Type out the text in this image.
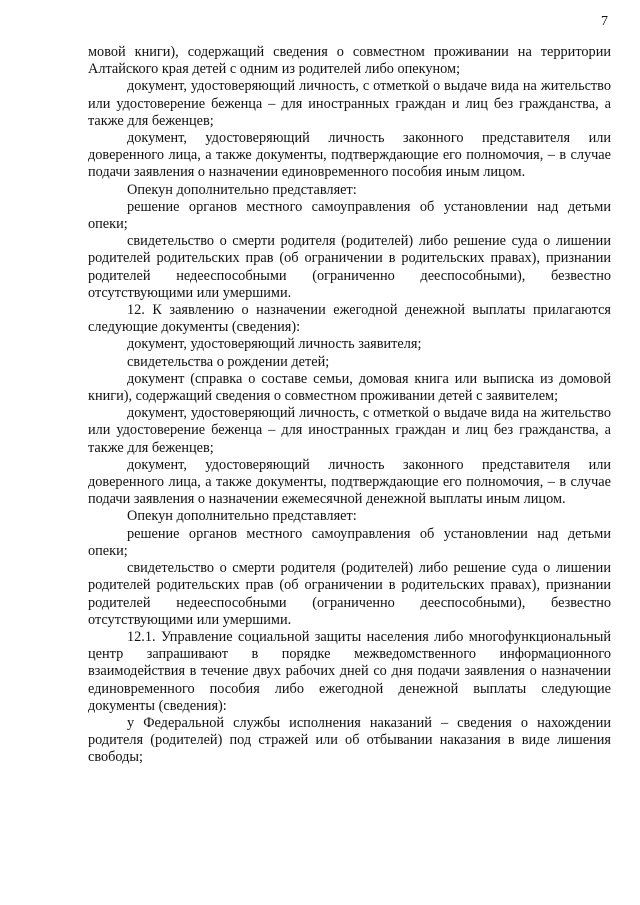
7

мовой книги), содержащий сведения о совместном проживании на территории Алтайского края детей с одним из родителей либо опекуном;

документ, удостоверяющий личность, с отметкой о выдаче вида на жительство или удостоверение беженца – для иностранных граждан и лиц без гражданства, а также для беженцев;

документ, удостоверяющий личность законного представителя или доверенного лица, а также документы, подтверждающие его полномочия, – в случае подачи заявления о назначении единовременного пособия иным лицом.

Опекун дополнительно представляет:

решение органов местного самоуправления об установлении над детьми опеки;

свидетельство о смерти родителя (родителей) либо решение суда о лишении родителей родительских прав (об ограничении в родительских правах), признании родителей недееспособными (ограниченно дееспособными), безвестно отсутствующими или умершими.

12. К заявлению о назначении ежегодной денежной выплаты прилагаются следующие документы (сведения):

документ, удостоверяющий личность заявителя;

свидетельства о рождении детей;

документ (справка о составе семьи, домовая книга или выписка из домовой книги), содержащий сведения о совместном проживании детей с заявителем;

документ, удостоверяющий личность, с отметкой о выдаче вида на жительство или удостоверение беженца – для иностранных граждан и лиц без гражданства, а также для беженцев;

документ, удостоверяющий личность законного представителя или доверенного лица, а также документы, подтверждающие его полномочия, – в случае подачи заявления о назначении ежемесячной денежной выплаты иным лицом.

Опекун дополнительно представляет:

решение органов местного самоуправления об установлении над детьми опеки;

свидетельство о смерти родителя (родителей) либо решение суда о лишении родителей родительских прав (об ограничении в родительских правах), признании родителей недееспособными (ограниченно дееспособными), безвестно отсутствующими или умершими.

12.1. Управление социальной защиты населения либо многофункциональный центр запрашивают в порядке межведомственного информационного взаимодействия в течение двух рабочих дней со дня подачи заявления о назначении единовременного пособия либо ежегодной денежной выплаты следующие документы (сведения):

у Федеральной службы исполнения наказаний – сведения о нахождении родителя (родителей) под стражей или об отбывании наказания в виде лишения свободы;
